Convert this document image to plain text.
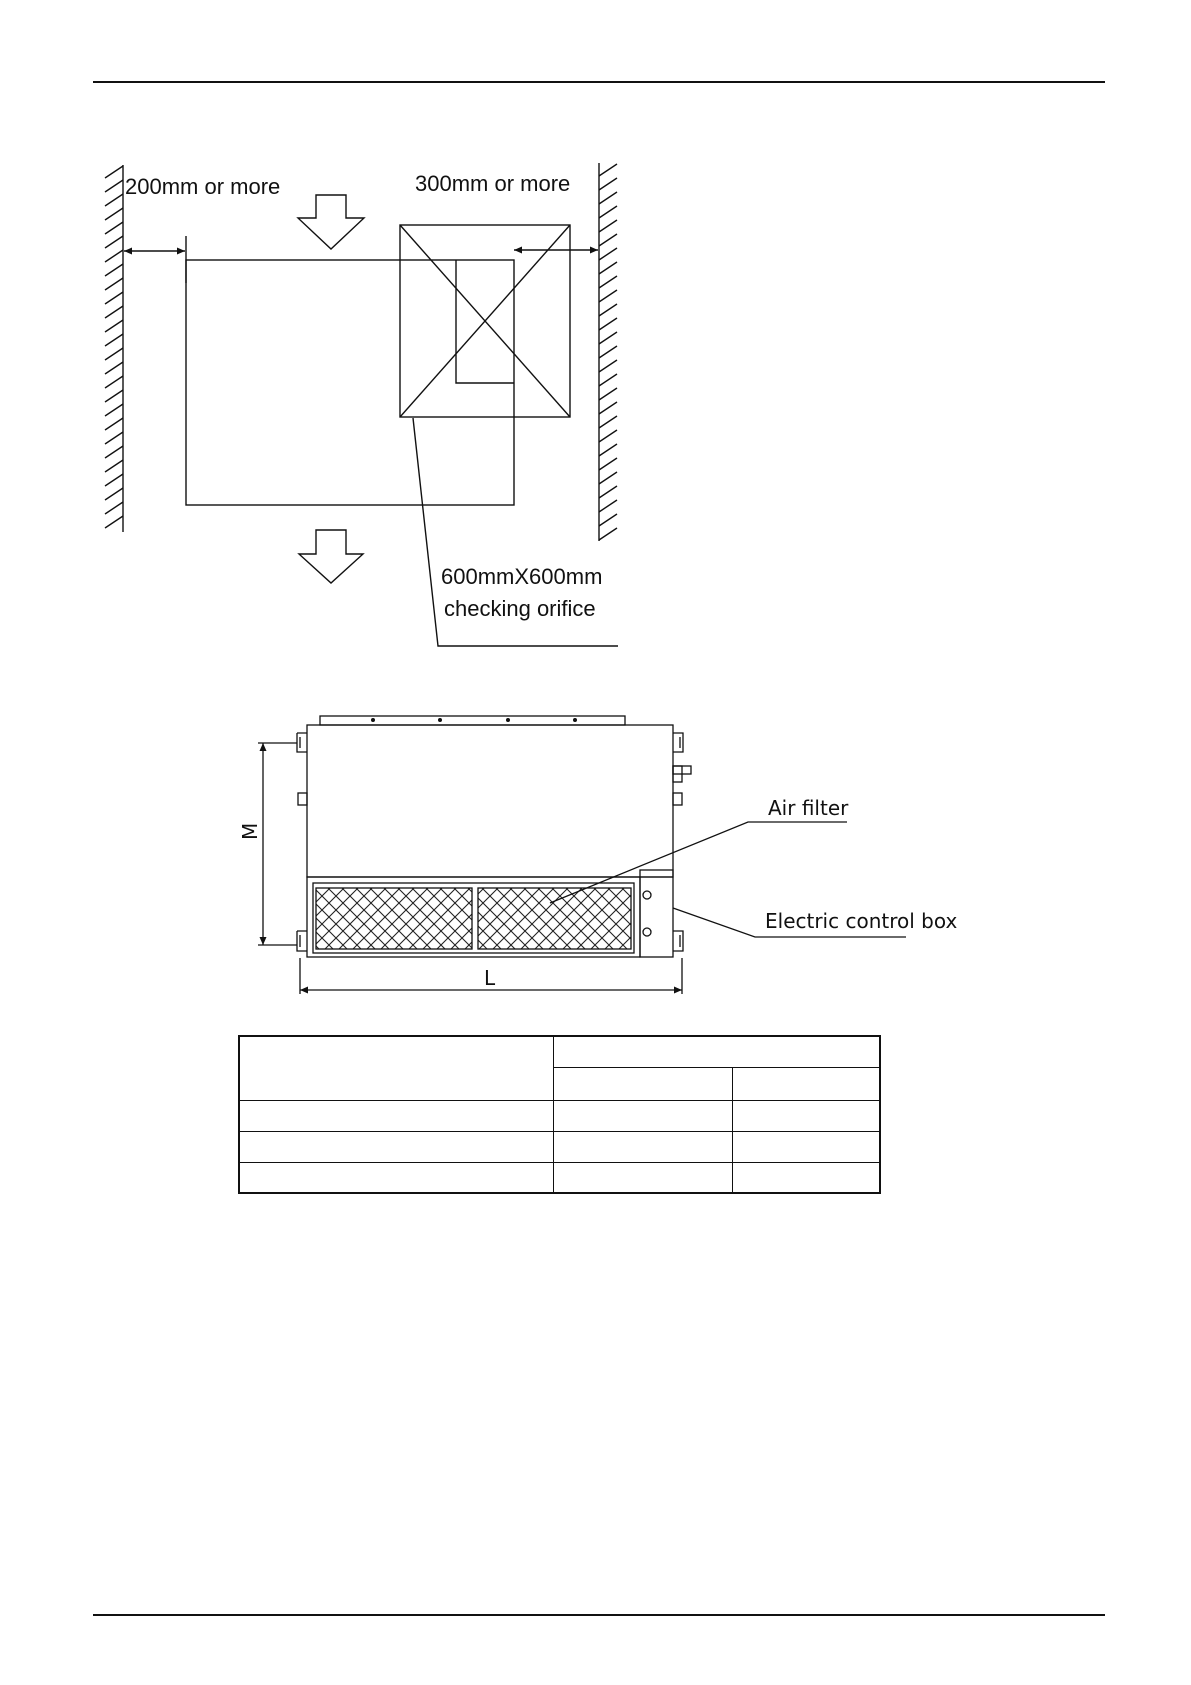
200mm or more	300mm or more
600mmX600mm
checking orifice
Air filter
Electric control box
M
L
